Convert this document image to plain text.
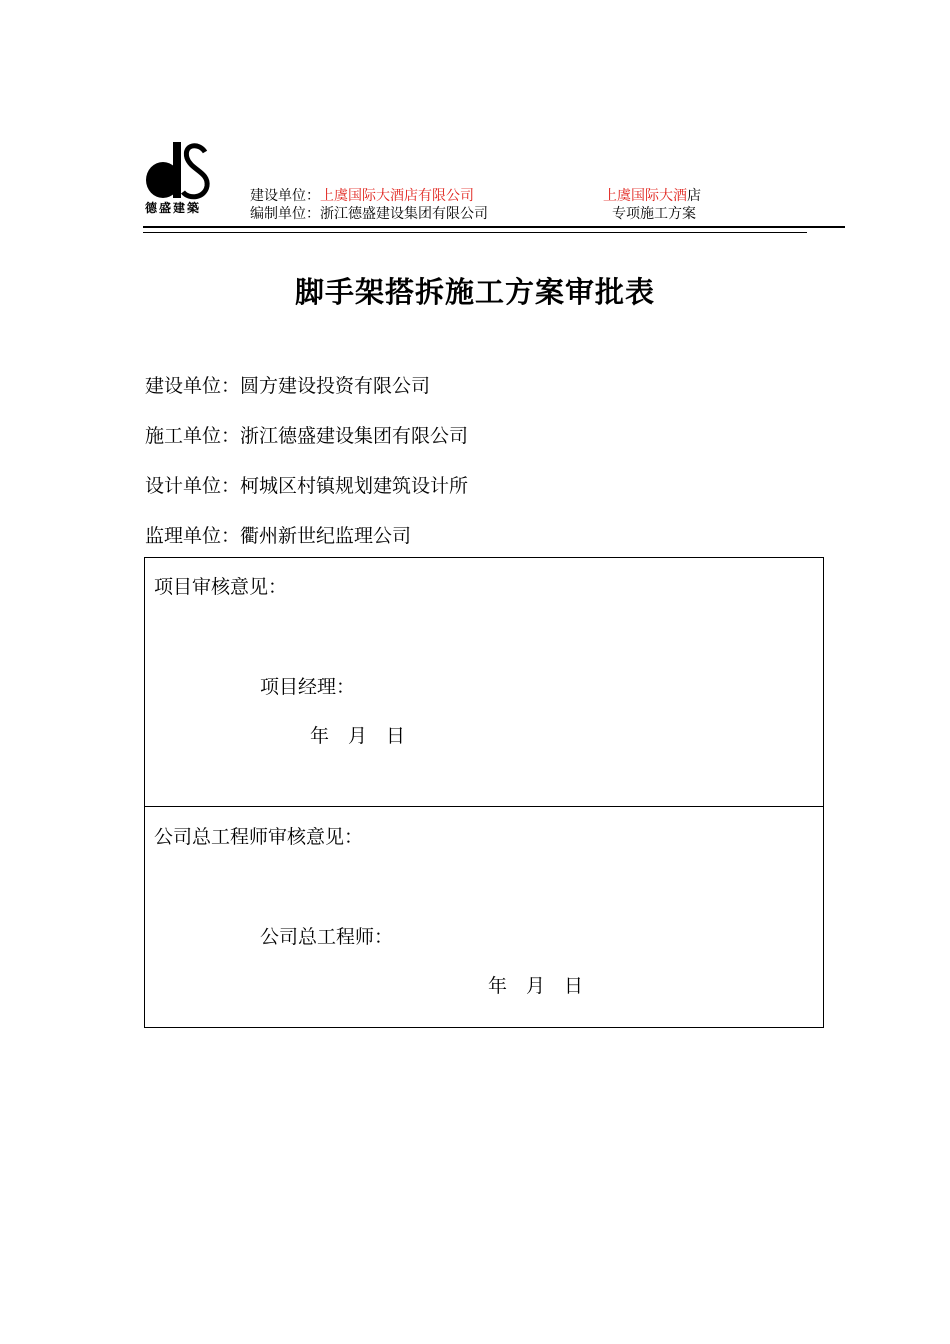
德盛建築
建设单位：上虞国际大酒店有限公司	上虞国际大酒店
编制单位：浙江德盛建设集团有限公司	专项施工方案
脚手架搭拆施工方案审批表
建设单位：圆方建设投资有限公司
施工单位：浙江德盛建设集团有限公司
设计单位：柯城区村镇规划建筑设计所
监理单位：衢州新世纪监理公司
项目审核意见：
项目经理：
年　月　日
公司总工程师审核意见：
公司总工程师：
年　月　日
